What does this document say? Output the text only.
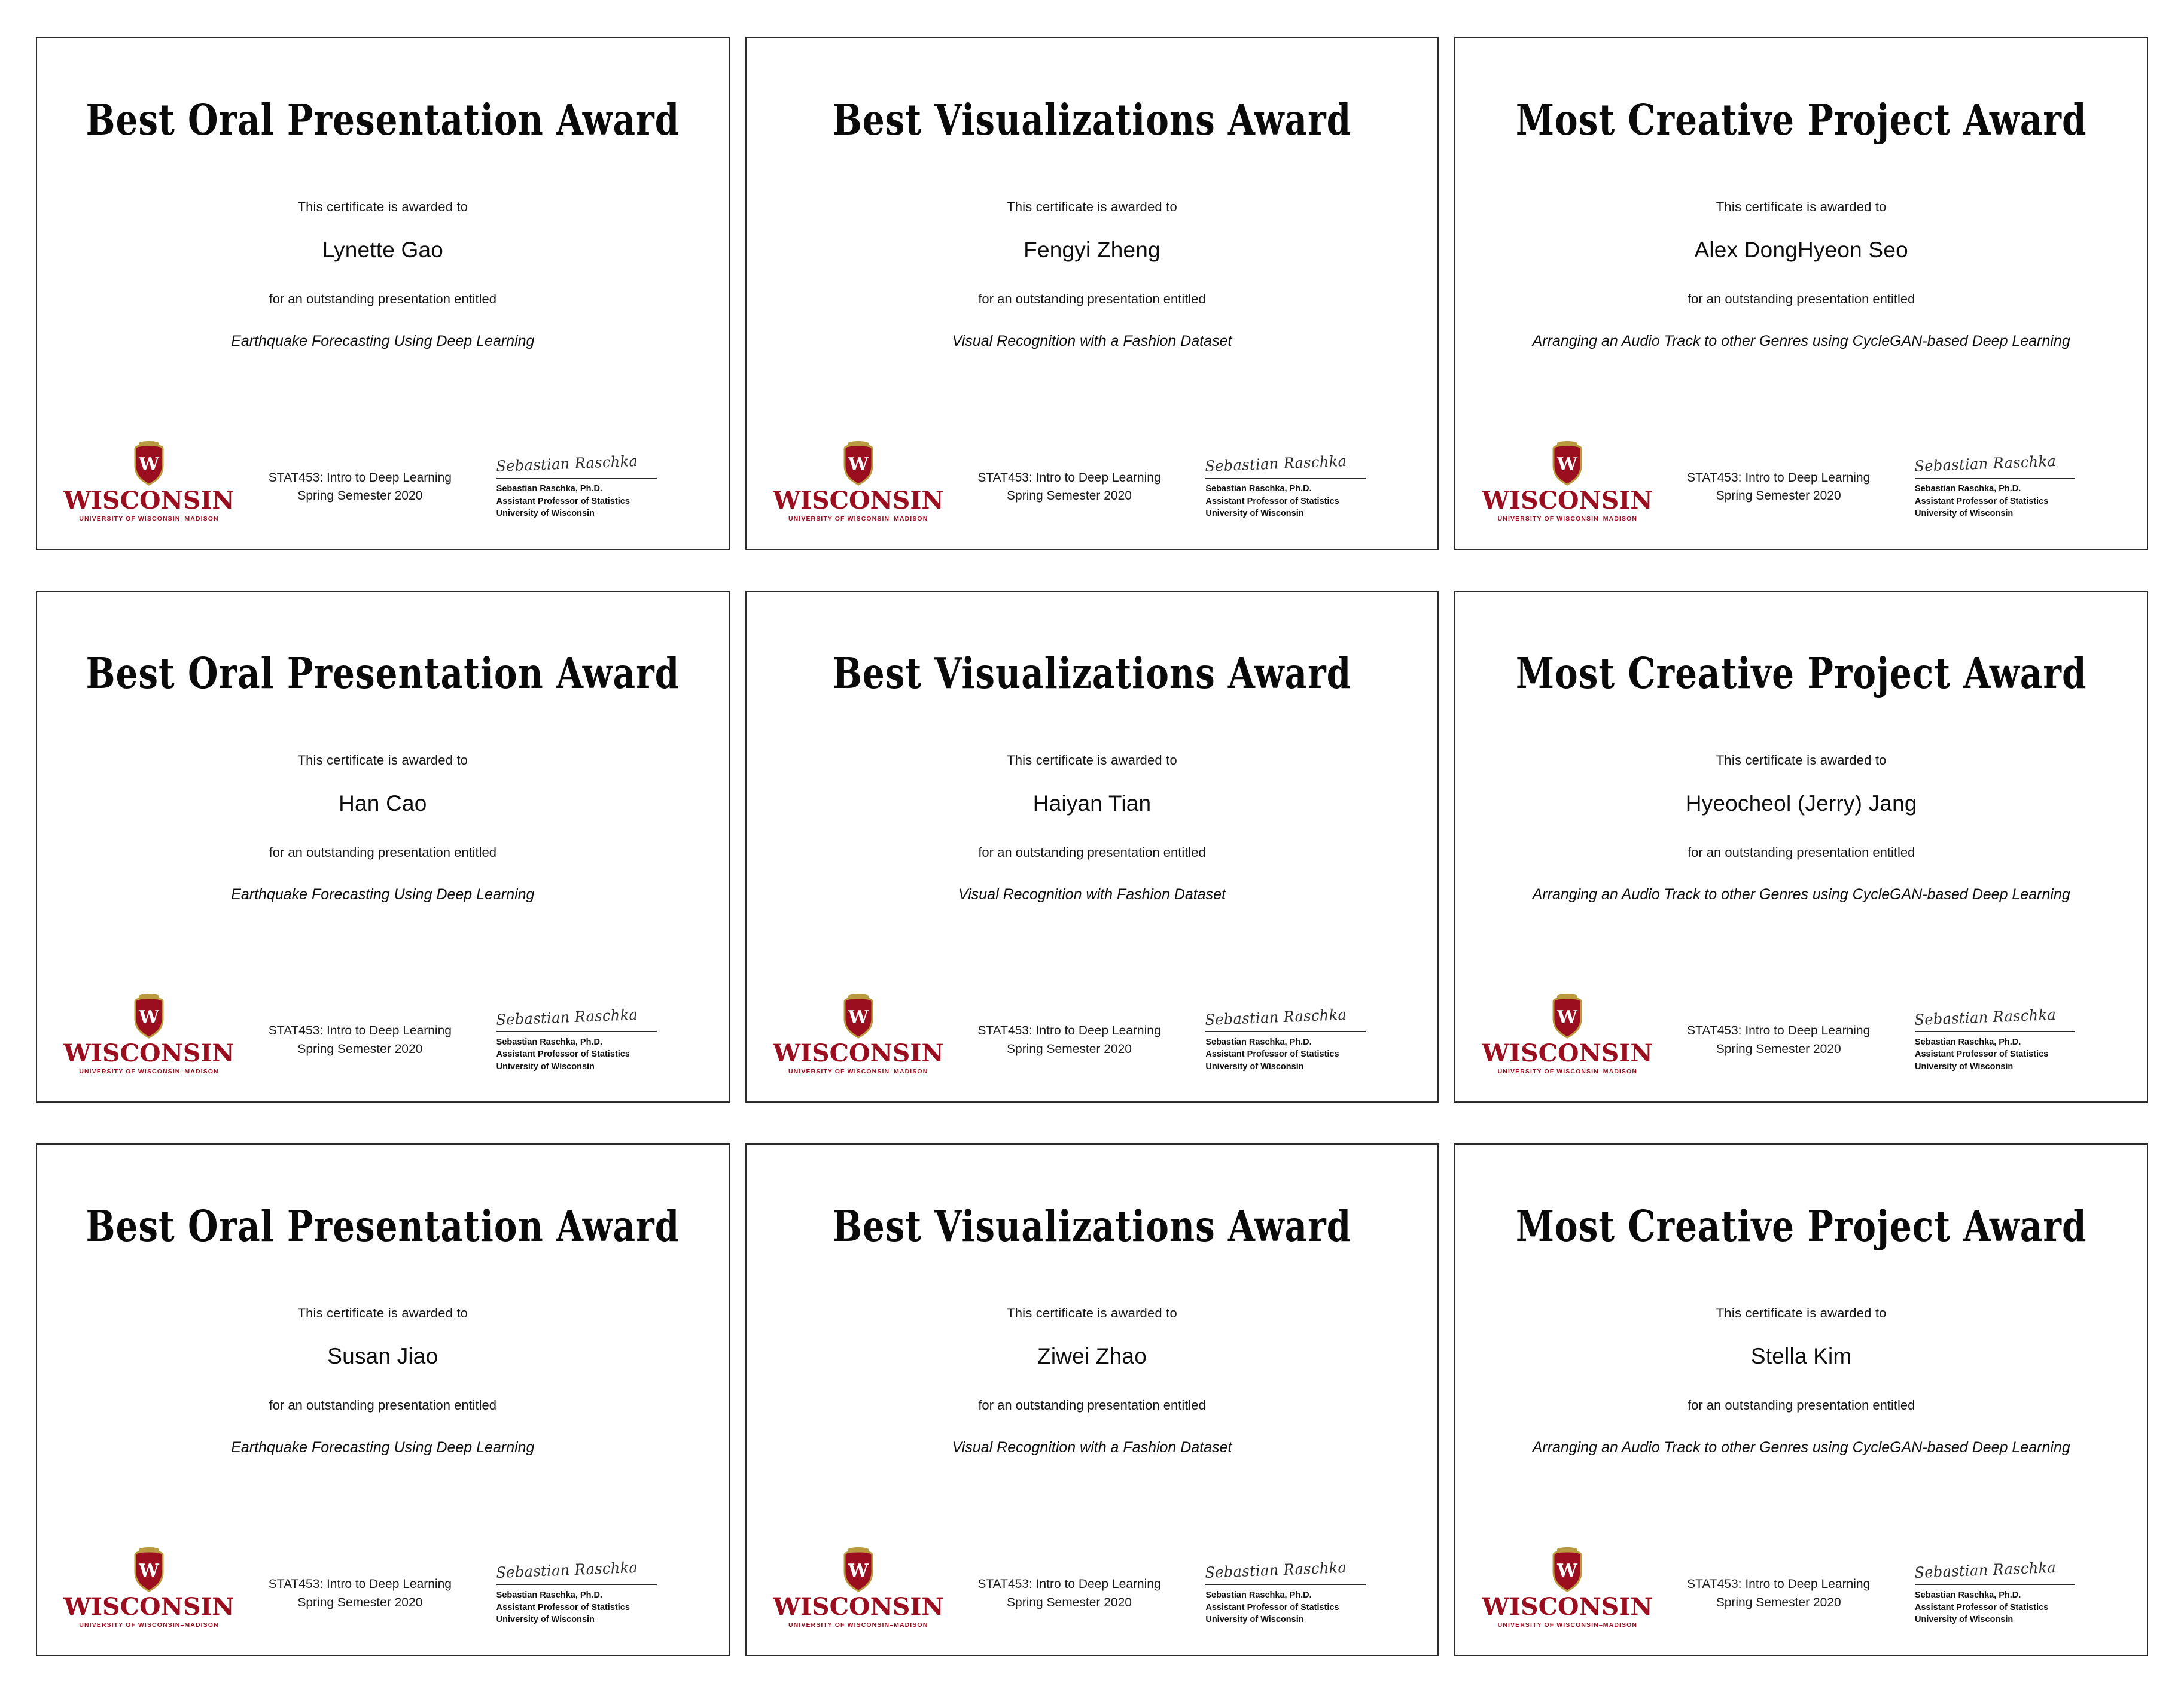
Best Oral Presentation Award
This certificate is awarded to
Lynette Gao
for an outstanding presentation entitled
Earthquake Forecasting Using Deep Learning
W
WISCONSIN
UNIVERSITY OF WISCONSIN–MADISON
STAT453: Intro to Deep Learning
Spring Semester 2020
Sebastian Raschka
Sebastian Raschka, Ph.D.
Assistant Professor of Statistics
University of Wisconsin
Best Visualizations Award
This certificate is awarded to
Fengyi Zheng
for an outstanding presentation entitled
Visual Recognition with a Fashion Dataset
W
WISCONSIN
UNIVERSITY OF WISCONSIN–MADISON
STAT453: Intro to Deep Learning
Spring Semester 2020
Sebastian Raschka
Sebastian Raschka, Ph.D.
Assistant Professor of Statistics
University of Wisconsin
Most Creative Project Award
This certificate is awarded to
Alex DongHyeon Seo
for an outstanding presentation entitled
Arranging an Audio Track to other Genres using CycleGAN-based Deep Learning
W
WISCONSIN
UNIVERSITY OF WISCONSIN–MADISON
STAT453: Intro to Deep Learning
Spring Semester 2020
Sebastian Raschka
Sebastian Raschka, Ph.D.
Assistant Professor of Statistics
University of Wisconsin
Best Oral Presentation Award
This certificate is awarded to
Han Cao
for an outstanding presentation entitled
Earthquake Forecasting Using Deep Learning
W
WISCONSIN
UNIVERSITY OF WISCONSIN–MADISON
STAT453: Intro to Deep Learning
Spring Semester 2020
Sebastian Raschka
Sebastian Raschka, Ph.D.
Assistant Professor of Statistics
University of Wisconsin
Best Visualizations Award
This certificate is awarded to
Haiyan Tian
for an outstanding presentation entitled
Visual Recognition with Fashion Dataset
W
WISCONSIN
UNIVERSITY OF WISCONSIN–MADISON
STAT453: Intro to Deep Learning
Spring Semester 2020
Sebastian Raschka
Sebastian Raschka, Ph.D.
Assistant Professor of Statistics
University of Wisconsin
Most Creative Project Award
This certificate is awarded to
Hyeocheol (Jerry) Jang
for an outstanding presentation entitled
Arranging an Audio Track to other Genres using CycleGAN-based Deep Learning
W
WISCONSIN
UNIVERSITY OF WISCONSIN–MADISON
STAT453: Intro to Deep Learning
Spring Semester 2020
Sebastian Raschka
Sebastian Raschka, Ph.D.
Assistant Professor of Statistics
University of Wisconsin
Best Oral Presentation Award
This certificate is awarded to
Susan Jiao
for an outstanding presentation entitled
Earthquake Forecasting Using Deep Learning
W
WISCONSIN
UNIVERSITY OF WISCONSIN–MADISON
STAT453: Intro to Deep Learning
Spring Semester 2020
Sebastian Raschka
Sebastian Raschka, Ph.D.
Assistant Professor of Statistics
University of Wisconsin
Best Visualizations Award
This certificate is awarded to
Ziwei Zhao
for an outstanding presentation entitled
Visual Recognition with a Fashion Dataset
W
WISCONSIN
UNIVERSITY OF WISCONSIN–MADISON
STAT453: Intro to Deep Learning
Spring Semester 2020
Sebastian Raschka
Sebastian Raschka, Ph.D.
Assistant Professor of Statistics
University of Wisconsin
Most Creative Project Award
This certificate is awarded to
Stella Kim
for an outstanding presentation entitled
Arranging an Audio Track to other Genres using CycleGAN-based Deep Learning
W
WISCONSIN
UNIVERSITY OF WISCONSIN–MADISON
STAT453: Intro to Deep Learning
Spring Semester 2020
Sebastian Raschka
Sebastian Raschka, Ph.D.
Assistant Professor of Statistics
University of Wisconsin
